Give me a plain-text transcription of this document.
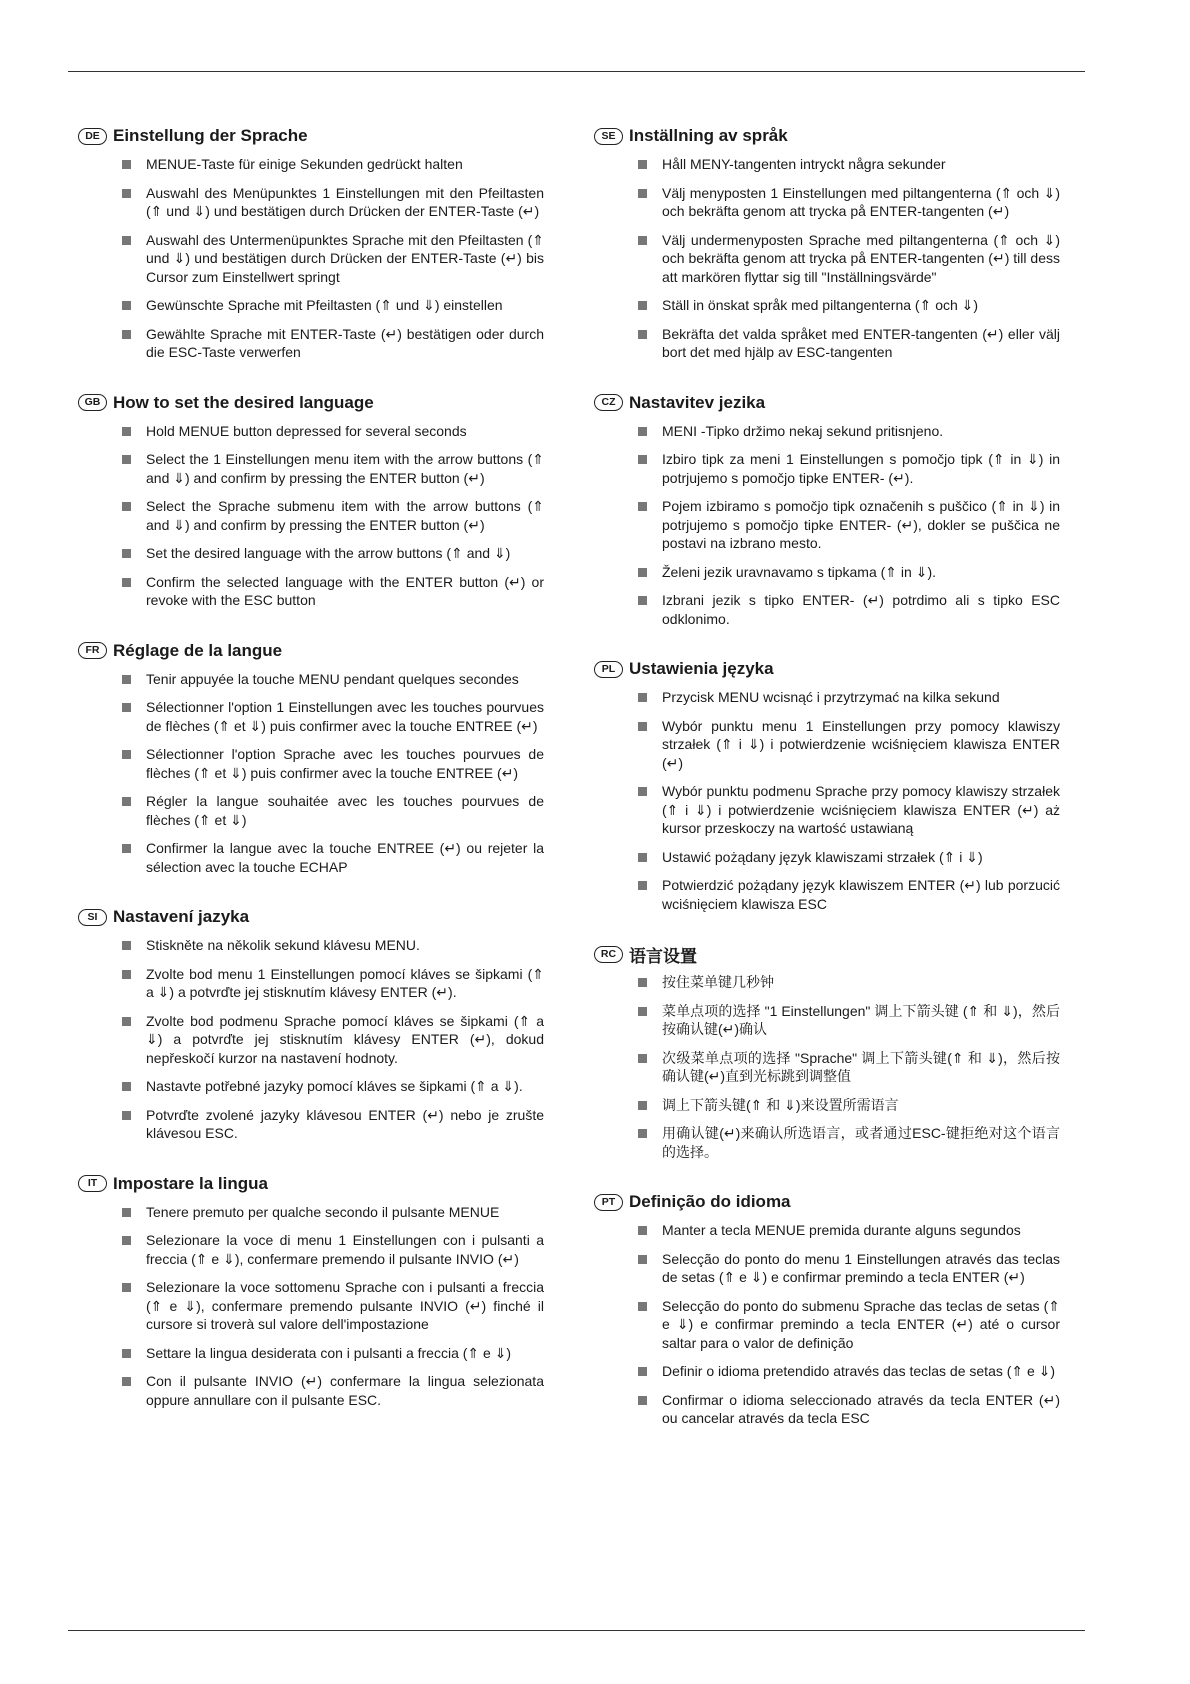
DE Einstellung der Sprache
MENUE-Taste für einige Sekunden gedrückt halten
Auswahl des Menüpunktes 1 Einstellungen mit den Pfeiltasten (⇑ und ⇓) und bestätigen durch Drücken der ENTER-Taste (↵)
Auswahl des Untermenüpunktes Sprache mit den Pfeiltasten (⇑ und ⇓) und bestätigen durch Drücken der ENTER-Taste (↵) bis Cursor zum Einstellwert springt
Gewünschte Sprache mit Pfeiltasten (⇑ und ⇓) einstellen
Gewählte Sprache mit ENTER-Taste (↵) bestätigen oder durch die ESC-Taste verwerfen
GB How to set the desired language
Hold MENUE button depressed for several seconds
Select the 1 Einstellungen menu item with the arrow buttons (⇑ and ⇓) and confirm by pressing the ENTER button (↵)
Select the Sprache submenu item with the arrow buttons (⇑ and ⇓) and confirm by pressing the ENTER button (↵)
Set the desired language with the arrow buttons (⇑ and ⇓)
Confirm the selected language with the ENTER button (↵) or revoke with the ESC button
FR Réglage de la langue
Tenir appuyée la touche MENU pendant quelques secondes
Sélectionner l'option 1 Einstellungen avec les touches pourvues de flèches (⇑ et ⇓) puis confirmer avec la touche ENTREE (↵)
Sélectionner l'option Sprache avec les touches pourvues de flèches (⇑ et ⇓) puis confirmer avec la touche ENTREE (↵)
Régler la langue souhaitée avec les touches pourvues de flèches (⇑ et ⇓)
Confirmer la langue avec la touche ENTREE (↵) ou rejeter la sélection avec la touche ECHAP
SI Nastavení jazyka
Stiskněte na několik sekund klávesu MENU.
Zvolte bod menu 1 Einstellungen pomocí kláves se šipkami (⇑ a ⇓) a potvrďte jej stisknutím klávesy ENTER (↵).
Zvolte bod podmenu Sprache pomocí kláves se šipkami (⇑ a ⇓) a potvrďte jej stisknutím klávesy ENTER (↵), dokud nepřeskočí kurzor na nastavení hodnoty.
Nastavte potřebné jazyky pomocí kláves se šipkami (⇑ a ⇓).
Potvrďte zvolené jazyky klávesou ENTER (↵) nebo je zrušte klávesou ESC.
IT Impostare la lingua
Tenere premuto per qualche secondo il pulsante MENUE
Selezionare la voce di menu 1 Einstellungen con i pulsanti a freccia (⇑ e ⇓), confermare premendo il pulsante INVIO (↵)
Selezionare la voce sottomenu Sprache con i pulsanti a freccia (⇑ e ⇓), confermare premendo pulsante INVIO (↵) finché il cursore si troverà sul valore dell'impostazione
Settare la lingua desiderata con i pulsanti a freccia (⇑ e ⇓)
Con il pulsante INVIO (↵) confermare la lingua selezionata oppure annullare con il pulsante ESC.
SE Inställning av språk
Håll MENY-tangenten intryckt några sekunder
Välj menyposten 1 Einstellungen med piltangenterna (⇑ och ⇓) och bekräfta genom att trycka på ENTER-tangenten (↵)
Välj undermenyposten Sprache med piltangenterna (⇑ och ⇓) och bekräfta genom att trycka på ENTER-tangenten (↵) till dess att markören flyttar sig till "Inställningsvärde"
Ställ in önskat språk med piltangenterna (⇑ och ⇓)
Bekräfta det valda språket med ENTER-tangenten (↵) eller välj bort det med hjälp av ESC-tangenten
CZ Nastavitev jezika
MENI -Tipko držimo nekaj sekund pritisnjeno.
Izbiro tipk za meni 1 Einstellungen s pomočjo tipk (⇑ in ⇓) in potrjujemo s pomočjo tipke ENTER- (↵).
Pojem izbiramo s pomočjo tipk označenih s puščico (⇑ in ⇓) in potrjujemo s pomočjo tipke ENTER- (↵), dokler se puščica ne postavi na izbrano mesto.
Želeni jezik uravnavamo s tipkama (⇑ in ⇓).
Izbrani jezik s tipko ENTER- (↵) potrdimo ali s tipko ESC odklonimo.
PL Ustawienia języka
Przycisk MENU wcisnąć i przytrzymać na kilka sekund
Wybór punktu menu 1 Einstellungen przy pomocy klawiszy strzałek (⇑ i ⇓) i potwierdzenie wciśnięciem klawisza ENTER (↵)
Wybór punktu podmenu Sprache przy pomocy klawiszy strzałek (⇑ i ⇓) i potwierdzenie wciśnięciem klawisza ENTER (↵) aż kursor przeskoczy na wartość ustawianą
Ustawić pożądany język klawiszami strzałek (⇑ i ⇓)
Potwierdzić pożądany język klawiszem ENTER (↵) lub porzucić wciśnięciem klawisza ESC
RC 语言设置
按住菜单键几秒钟
菜单点项的选择 "1 Einstellungen" 调上下箭头键 (⇑ 和 ⇓)，然后按确认键(↵)确认
次级菜单点项的选择 "Sprache" 调上下箭头键(⇑ 和 ⇓)，然后按确认键(↵)直到光标跳到调整值
调上下箭头键(⇑ 和 ⇓)来设置所需语言
用确认键(↵)来确认所选语言，或者通过ESC-键拒绝对这个语言的选择。
PT Definição do idioma
Manter a tecla MENUE premida durante alguns segundos
Selecção do ponto do menu 1 Einstellungen através das teclas de setas (⇑ e ⇓) e confirmar premindo a tecla ENTER (↵)
Selecção do ponto do submenu Sprache das teclas de setas (⇑ e ⇓) e confirmar premindo a tecla ENTER (↵) até o cursor saltar para o valor de definição
Definir o idioma pretendido através das teclas de setas (⇑ e ⇓)
Confirmar o idioma seleccionado através da tecla ENTER (↵) ou cancelar através da tecla ESC
